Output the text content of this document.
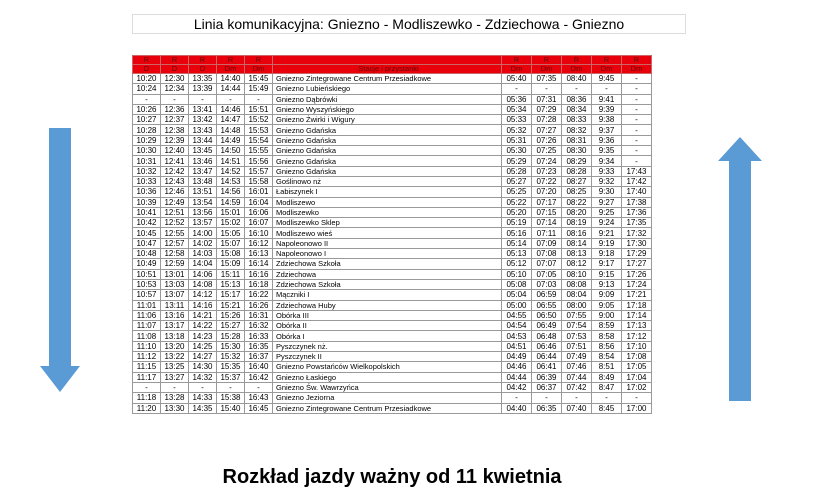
Linia komunikacyjna: Gniezno - Modliszewko - Zdziechowa - Gniezno
R	R	R	R	R		R	R	R	R	R
D	D	D	Dm	Dm	Stacje i przystanki	Dm	Dm	Dm	Dm	Dm
10:20	12:30	13:35	14:40	15:45	Gniezno Zintegrowane Centrum Przesiadkowe	05:40	07:35	08:40	9:45	-
10:24	12:34	13:39	14:44	15:49	Gniezno Lubieńskiego	-	-	-	-	-
-	-	-	-	-	Gniezno Dąbrówki	05:36	07:31	08:36	9:41	-
10:26	12:36	13:41	14:46	15:51	Gniezno Wyszyńskiego	05:34	07:29	08:34	9:39	-
10:27	12:37	13:42	14:47	15:52	Gniezno Żwirki i Wigury	05:33	07:28	08:33	9:38	-
10:28	12:38	13:43	14:48	15:53	Gniezno Gdańska	05:32	07:27	08:32	9:37	-
10:29	12:39	13:44	14:49	15:54	Gniezno Gdańska	05:31	07:26	08:31	9:36	-
10:30	12:40	13:45	14:50	15:55	Gniezno Gdańska	05:30	07:25	08:30	9:35	-
10:31	12:41	13:46	14:51	15:56	Gniezno Gdańska	05:29	07:24	08:29	9:34	-
10:32	12:42	13:47	14:52	15:57	Gniezno Gdańska	05:28	07:23	08:28	9:33	17:43
10:33	12:43	13:48	14:53	15:58	Goślinowo nż	05:27	07:22	08:27	9:32	17:42
10:36	12:46	13:51	14:56	16:01	Łabiszynek I	05:25	07:20	08:25	9:30	17:40
10:39	12:49	13:54	14:59	16:04	Modliszewo	05:22	07:17	08:22	9:27	17:38
10:41	12:51	13:56	15:01	16:06	Modliszewko	05:20	07:15	08:20	9:25	17:36
10:42	12:52	13:57	15:02	16:07	Modliszewko Sklep	05:19	07:14	08:19	9:24	17:35
10:45	12:55	14:00	15:05	16:10	Modliszewo wieś	05:16	07:11	08:16	9:21	17:32
10:47	12:57	14:02	15:07	16:12	Napoleonowo II	05:14	07:09	08:14	9:19	17:30
10:48	12:58	14:03	15:08	16:13	Napoleonowo I	05:13	07:08	08:13	9:18	17:29
10:49	12:59	14:04	15:09	16:14	Zdziechowa Szkoła	05:12	07:07	08:12	9:17	17:27
10:51	13:01	14:06	15:11	16:16	Zdziechowa	05:10	07:05	08:10	9:15	17:26
10:53	13:03	14:08	15:13	16:18	Zdziechowa Szkoła	05:08	07:03	08:08	9:13	17:24
10:57	13:07	14:12	15:17	16:22	Mączniki I	05:04	06:59	08:04	9:09	17:21
11:01	13:11	14:16	15:21	16:26	Zdziechowa Huby	05:00	06:55	08:00	9:05	17:18
11:06	13:16	14:21	15:26	16:31	Obórka III	04:55	06:50	07:55	9:00	17:14
11:07	13:17	14:22	15:27	16:32	Obórka II	04:54	06:49	07:54	8:59	17:13
11:08	13:18	14:23	15:28	16:33	Obórka I	04:53	06:48	07:53	8:58	17:12
11:10	13:20	14:25	15:30	16:35	Pyszczynek nż.	04:51	06:46	07:51	8:56	17:10
11:12	13:22	14:27	15:32	16:37	Pyszczynek II	04:49	06:44	07:49	8:54	17:08
11:15	13:25	14:30	15:35	16:40	Gniezno Powstańców Wielkopolskich	04:46	06:41	07:46	8:51	17:05
11:17	13:27	14:32	15:37	16:42	Gniezno Łaskiego	04:44	06:39	07:44	8:49	17:04
-	-	-	-	-	Gniezno Św. Wawrzyńca	04:42	06:37	07:42	8:47	17:02
11:18	13:28	14:33	15:38	16:43	Gniezno Jeziorna	-	-	-	-	-
11:20	13:30	14:35	15:40	16:45	Gniezno Zintegrowane Centrum Przesiadkowe	04:40	06:35	07:40	8:45	17:00
Rozkład jazdy ważny od 11 kwietnia
